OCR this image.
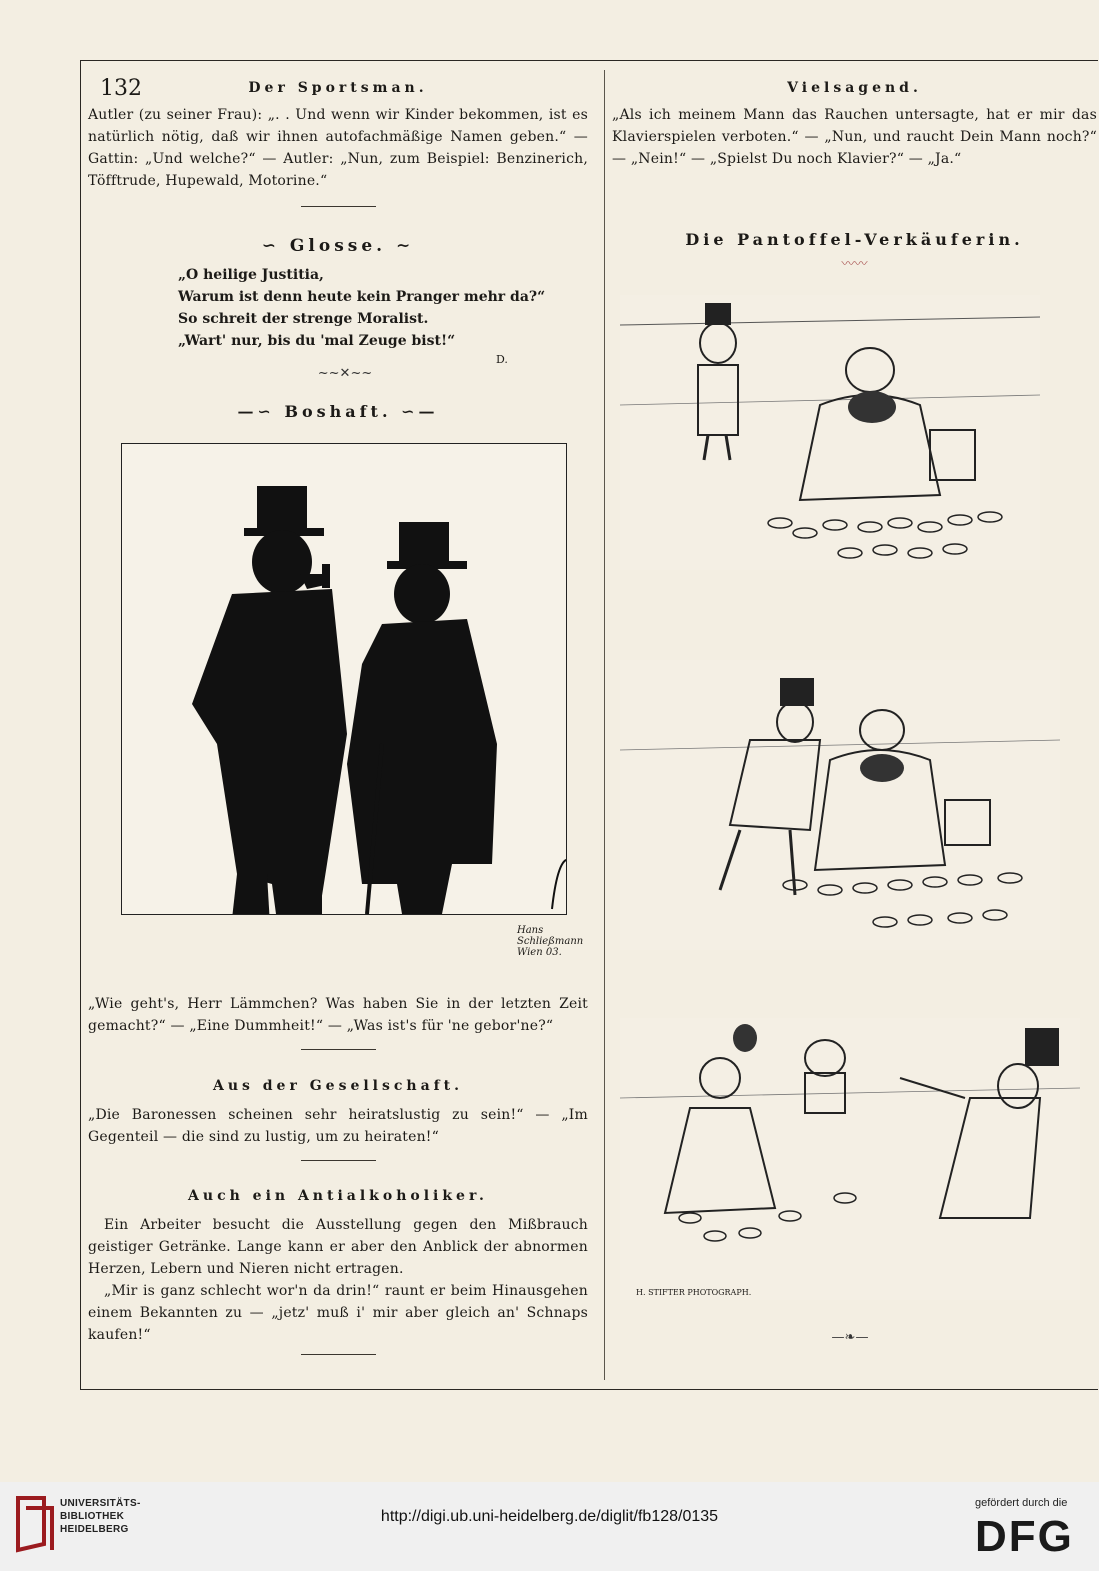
132	Der Sportsman.
Autler (zu seiner Frau): „. . Und wenn wir Kinder bekommen, ist es natürlich nötig, daß wir ihnen autofachmäßige Namen geben.“ — Gattin: „Und welche?“ — Autler: „Nun, zum Beispiel: Benzinerich, Töfftrude, Hupewald, Motorine.“
∽ Glosse. ∼
„O heilige Justitia,
Warum ist denn heute kein Pranger mehr da?“
So schreit der strenge Moralist.
„Wart' nur, bis du 'mal Zeuge bist!“
D.
~~✕~~
—∽ Boshaft. ∽—
Hans Schließmann Wien 03.
„Wie geht's, Herr Lämmchen? Was haben Sie in der letzten Zeit gemacht?“ — „Eine Dummheit!“ — „Was ist's für 'ne gebor'ne?“
Aus der Gesellschaft.
„Die Baronessen scheinen sehr heiratslustig zu sein!“ — „Im Gegenteil — die sind zu lustig, um zu heiraten!“
Auch ein Antialkoholiker.
Ein Arbeiter besucht die Ausstellung gegen den Mißbrauch geistiger Getränke. Lange kann er aber den Anblick der abnormen Herzen, Lebern und Nieren nicht ertragen.
„Mir is ganz schlecht wor'n da drin!“ raunt er beim Hinausgehen einem Bekannten zu — „jetz' muß i' mir aber gleich an' Schnaps kaufen!“
Vielsagend.
„Als ich meinem Mann das Rauchen untersagte, hat er mir das Klavierspielen verboten.“ — „Nun, und raucht Dein Mann noch?“ — „Nein!“ — „Spielst Du noch Klavier?“ — „Ja.“
Die Pantoffel-Verkäuferin.
〰〰
H. STIFTER PHOTOGRAPH.
—❧—
UNIVERSITÄTS-
BIBLIOTHEK
HEIDELBERG
http://digi.ub.uni-heidelberg.de/diglit/fb128/0135
gefördert durch die
DFG
